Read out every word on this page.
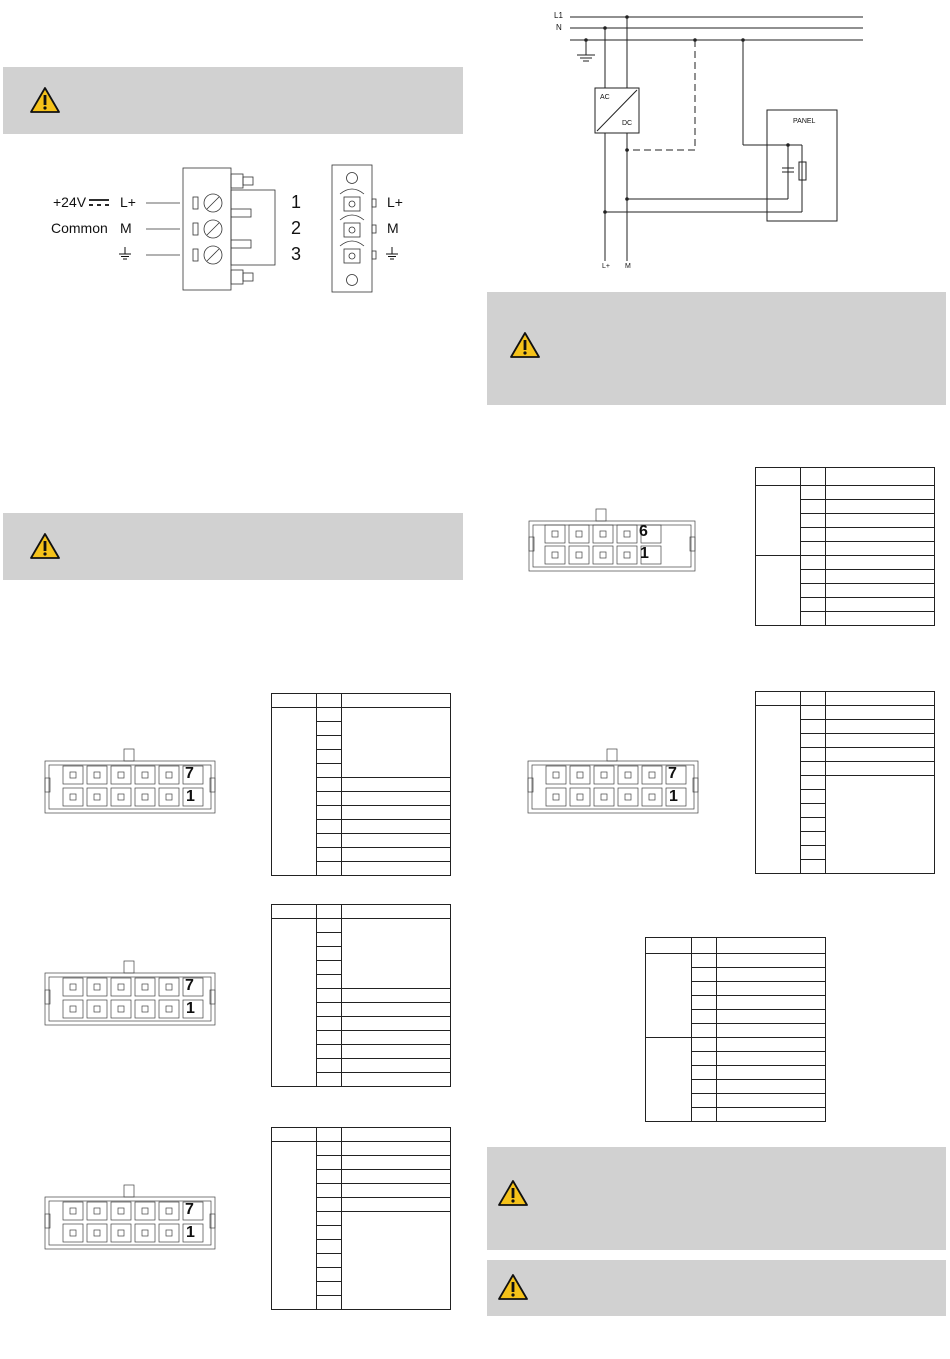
+24V L+
Common M
1
2
3
L+
M
L1
N
AC
DC	PANEL
L+ M
7
1
7
1
7
1
6
1
7
1
